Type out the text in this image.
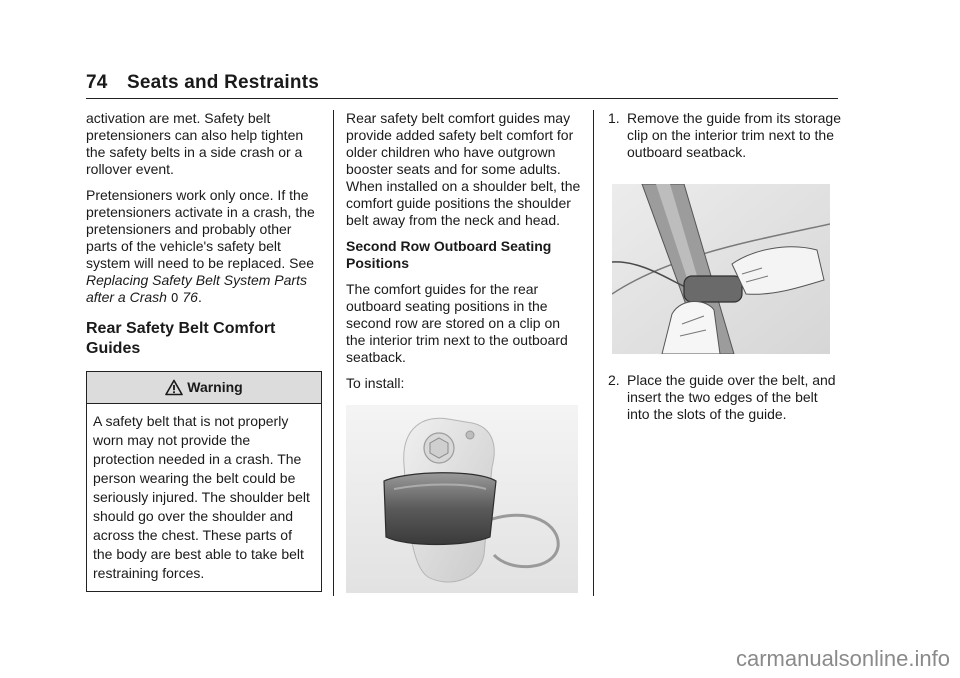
74 Seats and Restraints

activation are met. Safety belt pretensioners can also help tighten the safety belts in a side crash or a rollover event.

Pretensioners work only once. If the pretensioners activate in a crash, the pretensioners and probably other parts of the vehicle's safety belt system will need to be replaced. See Replacing Safety Belt System Parts after a Crash 0 76.

Rear Safety Belt Comfort Guides
Warning
A safety belt that is not properly worn may not provide the protection needed in a crash. The person wearing the belt could be seriously injured. The shoulder belt should go over the shoulder and across the chest. These parts of the body are best able to take belt restraining forces.

Rear safety belt comfort guides may provide added safety belt comfort for older children who have outgrown booster seats and for some adults. When installed on a shoulder belt, the comfort guide positions the shoulder belt away from the neck and head.

Second Row Outboard Seating Positions

The comfort guides for the rear outboard seating positions in the second row are stored on a clip on the interior trim next to the outboard seatback.

To install:

1. Remove the guide from its storage clip on the interior trim next to the outboard seatback.
2. Place the guide over the belt, and insert the two edges of the belt into the slots of the guide.
carmanualsonline.info
